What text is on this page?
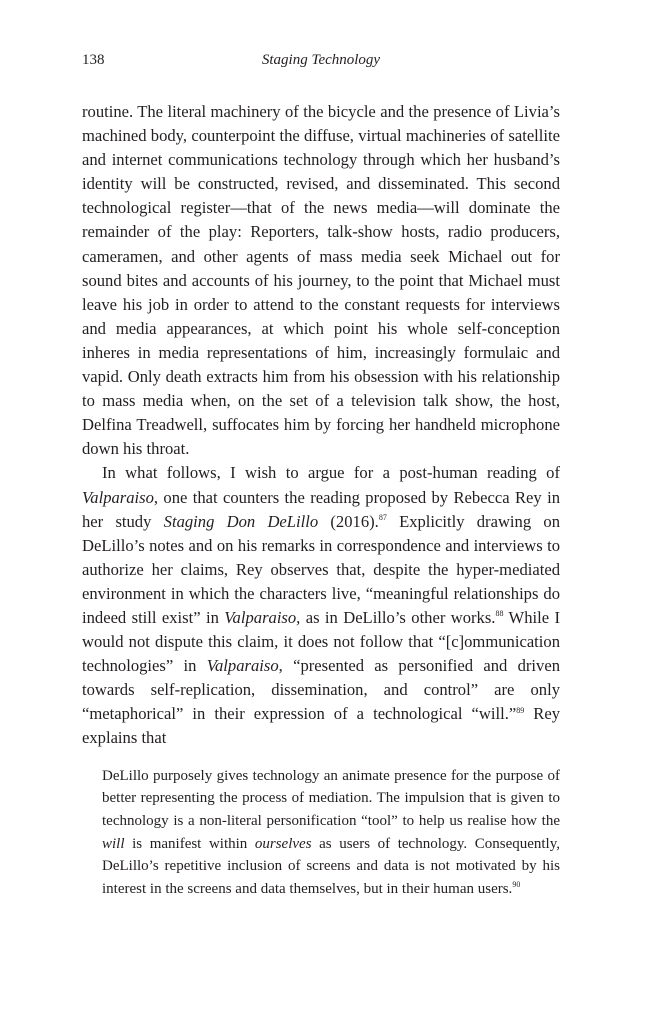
138	Staging Technology

routine. The literal machinery of the bicycle and the presence of Livia’s machined body, counterpoint the diffuse, virtual machineries of satellite and internet communications technology through which her husband’s identity will be constructed, revised, and disseminated. This second technological register—that of the news media—will dominate the remainder of the play: Reporters, talk-show hosts, radio producers, cameramen, and other agents of mass media seek Michael out for sound bites and accounts of his journey, to the point that Michael must leave his job in order to attend to the constant requests for interviews and media appearances, at which point his whole self-conception inheres in media representations of him, increasingly formulaic and vapid. Only death extracts him from his obsession with his relationship to mass media when, on the set of a television talk show, the host, Delfina Treadwell, suffocates him by forcing her handheld microphone down his throat.

In what follows, I wish to argue for a post-human reading of Valparaiso, one that counters the reading proposed by Rebecca Rey in her study Staging Don DeLillo (2016).$^{87}$ Explicitly drawing on DeLillo’s notes and on his remarks in correspondence and interviews to authorize her claims, Rey observes that, despite the hyper-mediated environment in which the characters live, “meaningful relationships do indeed still exist” in Valparaiso, as in DeLillo’s other works.$^{88}$ While I would not dispute this claim, it does not follow that “[c]ommunication technologies” in Valparaiso, “presented as personified and driven towards self-replication, dissemination, and control” are only “metaphorical” in their expression of a technological “will.”$^{89}$ Rey explains that

DeLillo purposely gives technology an animate presence for the purpose of better representing the process of mediation. The impulsion that is given to technology is a non-literal personification “tool” to help us realise how the will is manifest within ourselves as users of technology. Consequently, DeLillo’s repetitive inclusion of screens and data is not motivated by his interest in the screens and data themselves, but in their human users.$^{90}$
